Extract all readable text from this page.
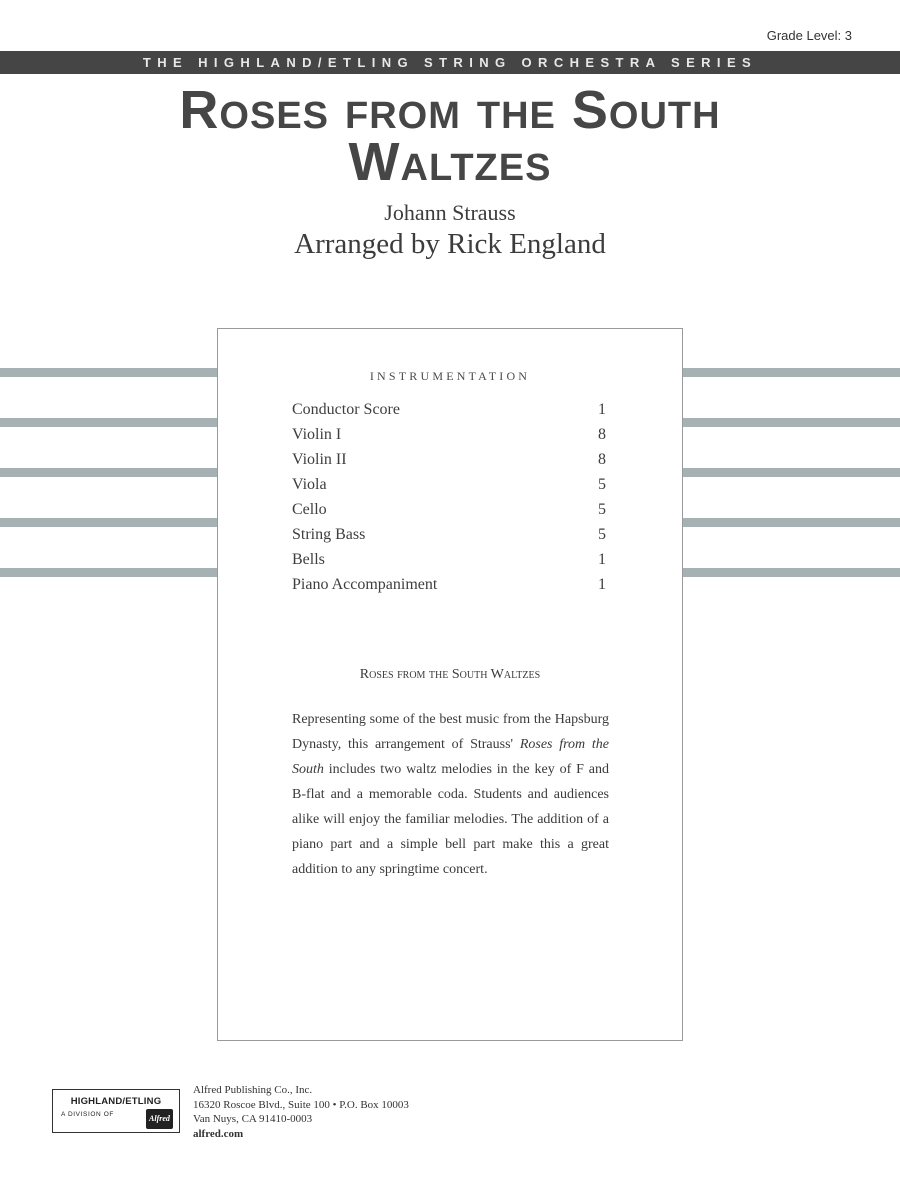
Grade Level: 3
THE HIGHLAND/ETLING STRING ORCHESTRA SERIES
Roses from the South
Waltzes
Johann Strauss
Arranged by Rick England
INSTRUMENTATION
Conductor Score	1
Violin I	8
Violin II	8
Viola	5
Cello	5
String Bass	5
Bells	1
Piano Accompaniment	1
Roses from the South Waltzes
Representing some of the best music from the Hapsburg Dynasty, this arrangement of Strauss' Roses from the South includes two waltz melodies in the key of F and B-flat and a memorable coda. Students and audiences alike will enjoy the familiar melodies. The addition of a piano part and a simple bell part make this a great addition to any springtime concert.
HIGHLAND/ETLING
A DIVISION OF	Alfred
Alfred Publishing Co., Inc.
16320 Roscoe Blvd., Suite 100 • P.O. Box 10003
Van Nuys, CA 91410-0003
alfred.com
